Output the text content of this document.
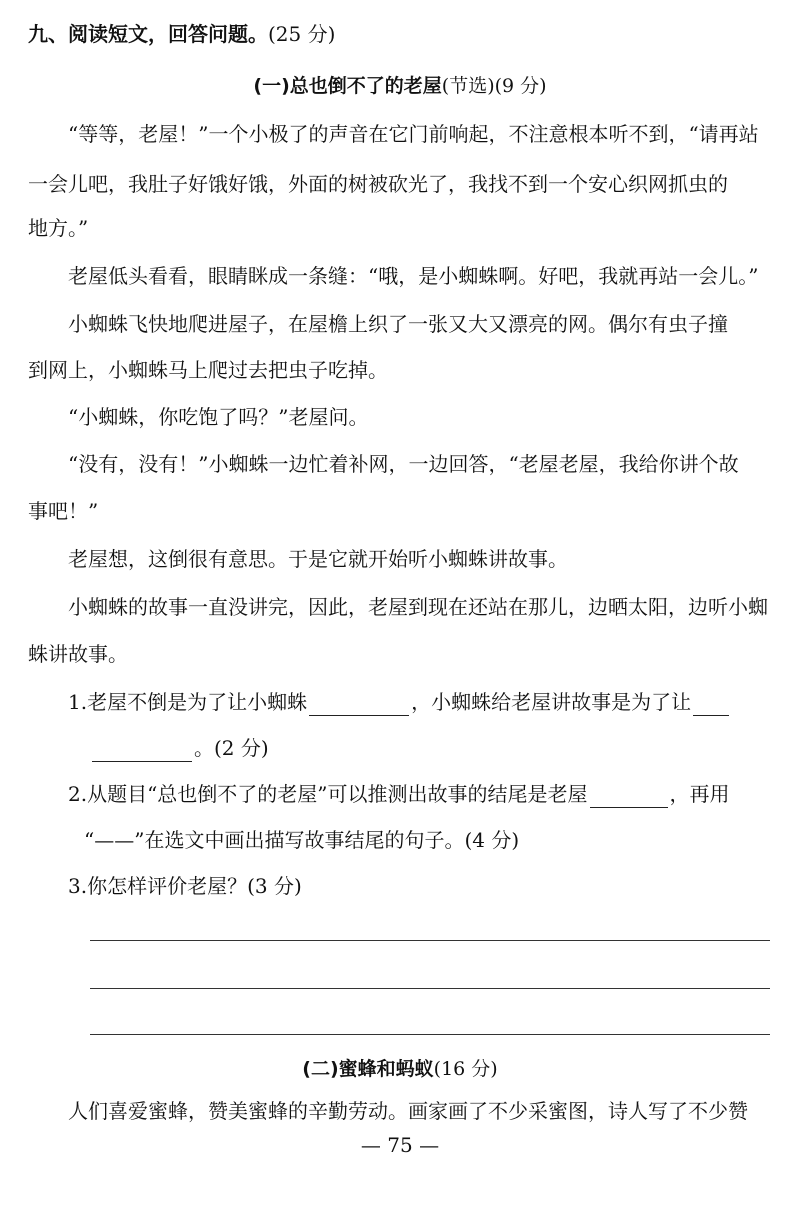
九、阅读短文，回答问题。(25 分)
(一)总也倒不了的老屋(节选)(9 分)
“等等，老屋！”一个小极了的声音在它门前响起，不注意根本听不到，“请再站
一会儿吧，我肚子好饿好饿，外面的树被砍光了，我找不到一个安心织网抓虫的
地方。”
老屋低头看看，眼睛眯成一条缝：“哦，是小蜘蛛啊。好吧，我就再站一会儿。”
小蜘蛛飞快地爬进屋子，在屋檐上织了一张又大又漂亮的网。偶尔有虫子撞
到网上，小蜘蛛马上爬过去把虫子吃掉。
“小蜘蛛，你吃饱了吗？”老屋问。
“没有，没有！”小蜘蛛一边忙着补网，一边回答，“老屋老屋，我给你讲个故
事吧！”
老屋想，这倒很有意思。于是它就开始听小蜘蛛讲故事。
小蜘蛛的故事一直没讲完，因此，老屋到现在还站在那儿，边晒太阳，边听小蜘
蛛讲故事。
1.老屋不倒是为了让小蜘蛛	，小蜘蛛给老屋讲故事是为了让
。(2 分)
2.从题目“总也倒不了的老屋”可以推测出故事的结尾是老屋	，再用
“——”在选文中画出描写故事结尾的句子。(4 分)
3.你怎样评价老屋？(3 分)
(二)蜜蜂和蚂蚁(16 分)
人们喜爱蜜蜂，赞美蜜蜂的辛勤劳动。画家画了不少采蜜图，诗人写了不少赞
— 75 —
